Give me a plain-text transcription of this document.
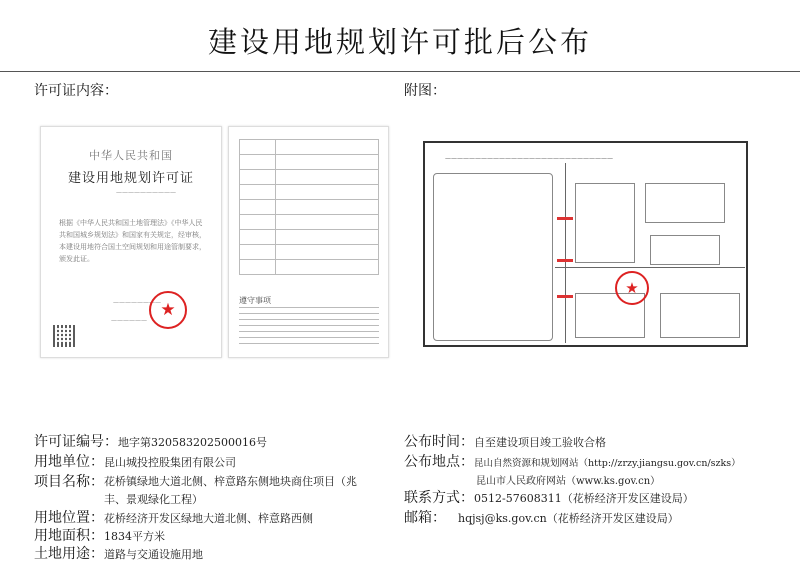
建设用地规划许可批后公布
许可证内容：	附图：
中华人民共和国
建设用地规划许可证
——————————
根据《中华人民共和国土地管理法》《中华人民共和国城乡规划法》和国家有关规定，经审核，本建设用地符合国土空间规划和用途管制要求，颁发此证。
————————
——————
★

遵守事项
————————————————————————————
★
许可证编号：地字第320583202500016号
用地单位：昆山城投控股集团有限公司
项目名称： 花桥镇绿地大道北侧、梓意路东侧地块商住项目（兆丰、景观绿化工程）
用地位置：花桥经济开发区绿地大道北侧、梓意路西侧
用地面积：1834平方米
土地用途：道路与交通设施用地
公布时间：自至建设项目竣工验收合格
公布地点：昆山自然资源和规划网站（http://zrzy.jiangsu.gov.cn/szks）
昆山市人民政府网站（www.ks.gov.cn）
联系方式：0512-57608311（花桥经济开发区建设局）
邮箱： hqjsj@ks.gov.cn（花桥经济开发区建设局）
